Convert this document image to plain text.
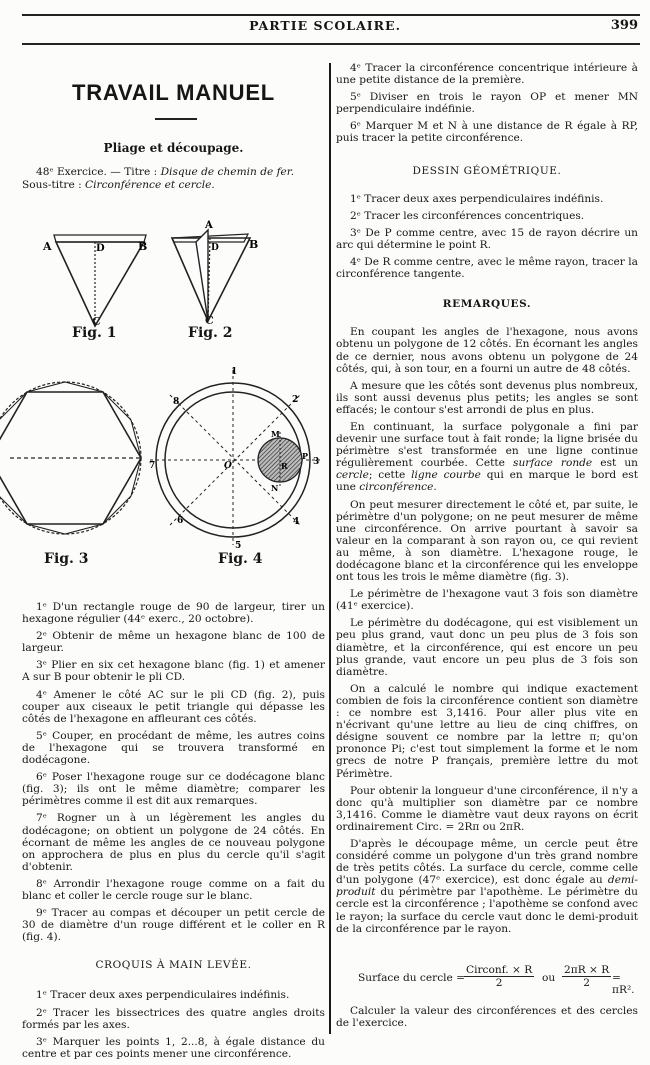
PARTIE SCOLAIRE.	399
TRAVAIL MANUEL
Pliage et découpage.
48ᵉ Exercice. — Titre : Disque de chemin de fer.
Sous-titre : Circonférence et cercle.
A	D	B
C
Fig. 1
A
D	B
C
Fig. 2
Fig. 3
1
2
3
4
5
6
7
8
O
M
N
R
P
Fig. 4

1ᵉ D'un rectangle rouge de 90 de largeur, tirer un hexagone régulier (44ᵉ exerc., 20 octobre).

2ᵉ Obtenir de même un hexagone blanc de 100 de largeur.

3ᵉ Plier en six cet hexagone blanc (fig. 1) et amener A sur B pour obtenir le pli CD.

4ᵉ Amener le côté AC sur le pli CD (fig. 2), puis couper aux ciseaux le petit triangle qui dépasse les côtés de l'hexagone en affleurant ces côtés.

5ᵉ Couper, en procédant de même, les autres coins de l'hexagone qui se trouvera transformé en dodécagone.

6ᵉ Poser l'hexagone rouge sur ce dodécagone blanc (fig. 3); ils ont le même diamètre; comparer les périmètres comme il est dit aux remarques.

7ᵉ Rogner un à un légèrement les angles du dodécagone; on obtient un polygone de 24 côtés. En écornant de même les angles de ce nouveau polygone on approchera de plus en plus du cercle qu'il s'agit d'obtenir.

8ᵉ Arrondir l'hexagone rouge comme on a fait du blanc et coller le cercle rouge sur le blanc.

9ᵉ Tracer au compas et découper un petit cercle de 30 de diamètre d'un rouge différent et le coller en R (fig. 4).

CROQUIS À MAIN LEVÉE.

1ᵉ Tracer deux axes perpendiculaires indéfinis.

2ᵉ Tracer les bissectrices des quatre angles droits formés par les axes.

3ᵉ Marquer les points 1, 2...8, à égale distance du centre et par ces points mener une circonférence.

4ᵉ Tracer la circonférence concentrique intérieure à une petite distance de la première.

5ᵉ Diviser en trois le rayon OP et mener MN perpendiculaire indéfinie.

6ᵉ Marquer M et N à une distance de R égale à RP, puis tracer la petite circonférence.

DESSIN GÉOMÉTRIQUE.

1ᵉ Tracer deux axes perpendiculaires indéfinis.

2ᵉ Tracer les circonférences concentriques.

3ᵉ De P comme centre, avec 15 de rayon décrire un arc qui détermine le point R.

4ᵉ De R comme centre, avec le même rayon, tracer la circonférence tangente.

REMARQUES.

En coupant les angles de l'hexagone, nous avons obtenu un polygone de 12 côtés. En écornant les angles de ce dernier, nous avons obtenu un polygone de 24 côtés, qui, à son tour, en a fourni un autre de 48 côtés.

A mesure que les côtés sont devenus plus nombreux, ils sont aussi devenus plus petits; les angles se sont effacés; le contour s'est arrondi de plus en plus.

En continuant, la surface polygonale a fini par devenir une surface tout à fait ronde; la ligne brisée du périmètre s'est transformée en une ligne continue régulièrement courbée. Cette surface ronde est un cercle; cette ligne courbe qui en marque le bord est une circonférence.

On peut mesurer directement le côté et, par suite, le périmètre d'un polygone; on ne peut mesurer de même une circonférence. On arrive pourtant à savoir sa valeur en la comparant à son rayon ou, ce qui revient au même, à son diamètre. L'hexagone rouge, le dodécagone blanc et la circonférence qui les enveloppe ont tous les trois le même diamètre (fig. 3).

Le périmètre de l'hexagone vaut 3 fois son diamètre (41ᵉ exercice).

Le périmètre du dodécagone, qui est visiblement un peu plus grand, vaut donc un peu plus de 3 fois son diamètre, et la circonférence, qui est encore un peu plus grande, vaut encore un peu plus de 3 fois son diamètre.

On a calculé le nombre qui indique exactement combien de fois la circonférence contient son diamètre : ce nombre est 3,1416. Pour aller plus vite en n'écrivant qu'une lettre au lieu de cinq chiffres, on désigne souvent ce nombre par la lettre π; qu'on prononce Pi; c'est tout simplement la forme et le nom grecs de notre P français, première lettre du mot Périmètre.

Pour obtenir la longueur d'une circonférence, il n'y a donc qu'à multiplier son diamètre par ce nombre 3,1416. Comme le diamètre vaut deux rayons on écrit ordinairement Circ. = 2Rπ ou 2πR.

D'après le découpage même, un cercle peut être considéré comme un polygone d'un très grand nombre de très petits côtés. La surface du cercle, comme celle d'un polygone (47ᵉ exercice), est donc égale au demi-produit du périmètre par l'apothème. Le périmètre du cercle est la circonférence ; l'apothème se confond avec le rayon; la surface du cercle vaut donc le demi-produit de la circonférence par le rayon.

Surface du cercle =
Circonf. × R
2	ou $\frac{2\pi R \times R}{2} = \pi R^2$.

Calculer la valeur des circonférences et des cercles de l'exercice.
